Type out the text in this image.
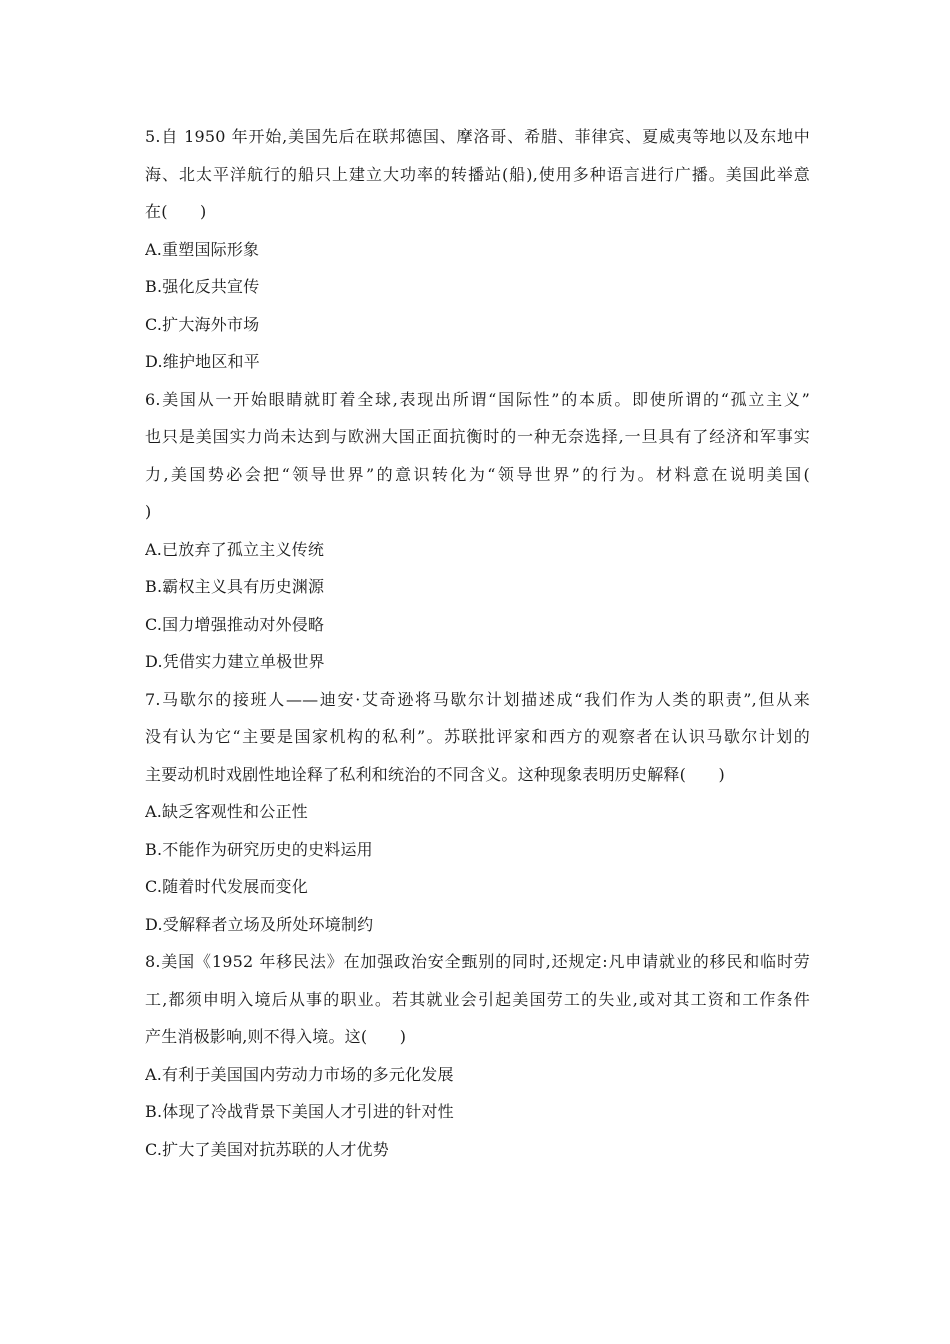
5.自 1950 年开始,美国先后在联邦德国、摩洛哥、希腊、菲律宾、夏威夷等地以及东地中
海、北太平洋航行的船只上建立大功率的转播站(船),使用多种语言进行广播。美国此举意
在(　　)
A.重塑国际形象
B.强化反共宣传
C.扩大海外市场
D.维护地区和平
6.美国从一开始眼睛就盯着全球,表现出所谓“国际性”的本质。即使所谓的“孤立主义”
也只是美国实力尚未达到与欧洲大国正面抗衡时的一种无奈选择,一旦具有了经济和军事实
力,美国势必会把“领导世界”的意识转化为“领导世界”的行为。材料意在说明美国(
)
A.已放弃了孤立主义传统
B.霸权主义具有历史渊源
C.国力增强推动对外侵略
D.凭借实力建立单极世界
7.马歇尔的接班人——迪安·艾奇逊将马歇尔计划描述成“我们作为人类的职责”,但从来
没有认为它“主要是国家机构的私利”。苏联批评家和西方的观察者在认识马歇尔计划的
主要动机时戏剧性地诠释了私利和统治的不同含义。这种现象表明历史解释(　　)
A.缺乏客观性和公正性
B.不能作为研究历史的史料运用
C.随着时代发展而变化
D.受解释者立场及所处环境制约
8.美国《1952 年移民法》在加强政治安全甄别的同时,还规定:凡申请就业的移民和临时劳
工,都须申明入境后从事的职业。若其就业会引起美国劳工的失业,或对其工资和工作条件
产生消极影响,则不得入境。这(　　)
A.有利于美国国内劳动力市场的多元化发展
B.体现了冷战背景下美国人才引进的针对性
C.扩大了美国对抗苏联的人才优势
